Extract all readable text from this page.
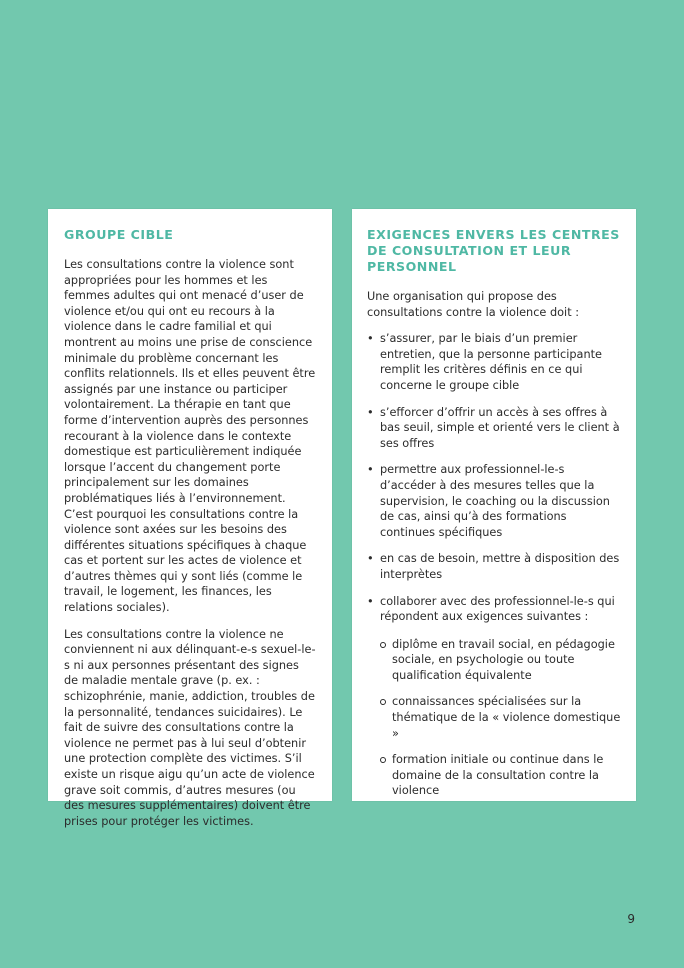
GROUPE CIBLE

Les consultations contre la violence sont appropriées pour les hommes et les femmes adultes qui ont menacé d’user de violence et/ou qui ont eu recours à la violence dans le cadre familial et qui montrent au moins une prise de conscience minimale du problème concernant les conflits relationnels. Ils et elles peuvent être assignés par une instance ou participer volontairement. La thérapie en tant que forme d’intervention auprès des personnes recourant à la violence dans le contexte domestique est particulièrement indiquée lorsque l’accent du changement porte principalement sur les domaines problématiques liés à l’environnement. C’est pourquoi les consultations contre la violence sont axées sur les besoins des différentes situations spécifiques à chaque cas et portent sur les actes de violence et d’autres thèmes qui y sont liés (comme le travail, le logement, les finances, les relations sociales).

Les consultations contre la violence ne conviennent ni aux délinquant-e-s sexuel-le-s ni aux personnes présentant des signes de maladie mentale grave (p. ex. : schizophrénie, manie, addiction, troubles de la personnalité, tendances suicidaires). Le fait de suivre des consultations contre la violence ne permet pas à lui seul d’obtenir une protection complète des victimes. S’il existe un risque aigu qu’un acte de violence grave soit commis, d’autres mesures (ou des mesures supplémentaires) doivent être prises pour protéger les victimes.

EXIGENCES ENVERS LES CENTRES DE CONSULTATION ET LEUR PERSONNEL

Une organisation qui propose des consultations contre la violence doit :

• s’assurer, par le biais d’un premier entretien, que la personne participante remplit les critères définis en ce qui concerne le groupe cible
• s’efforcer d’offrir un accès à ses offres à bas seuil, simple et orienté vers le client à ses offres
• permettre aux professionnel-le-s d’accéder à des mesures telles que la supervision, le coaching ou la discussion de cas, ainsi qu’à des formations continues spécifiques
• en cas de besoin, mettre à disposition des interprètes
• collaborer avec des professionnel-le-s qui répondent aux exigences suivantes :
diplôme en travail social, en pédagogie sociale, en psychologie ou toute qualification équivalente
connaissances spécialisées sur la thématique de la « violence domestique »
formation initiale ou continue dans le domaine de la consultation contre la violence
9
